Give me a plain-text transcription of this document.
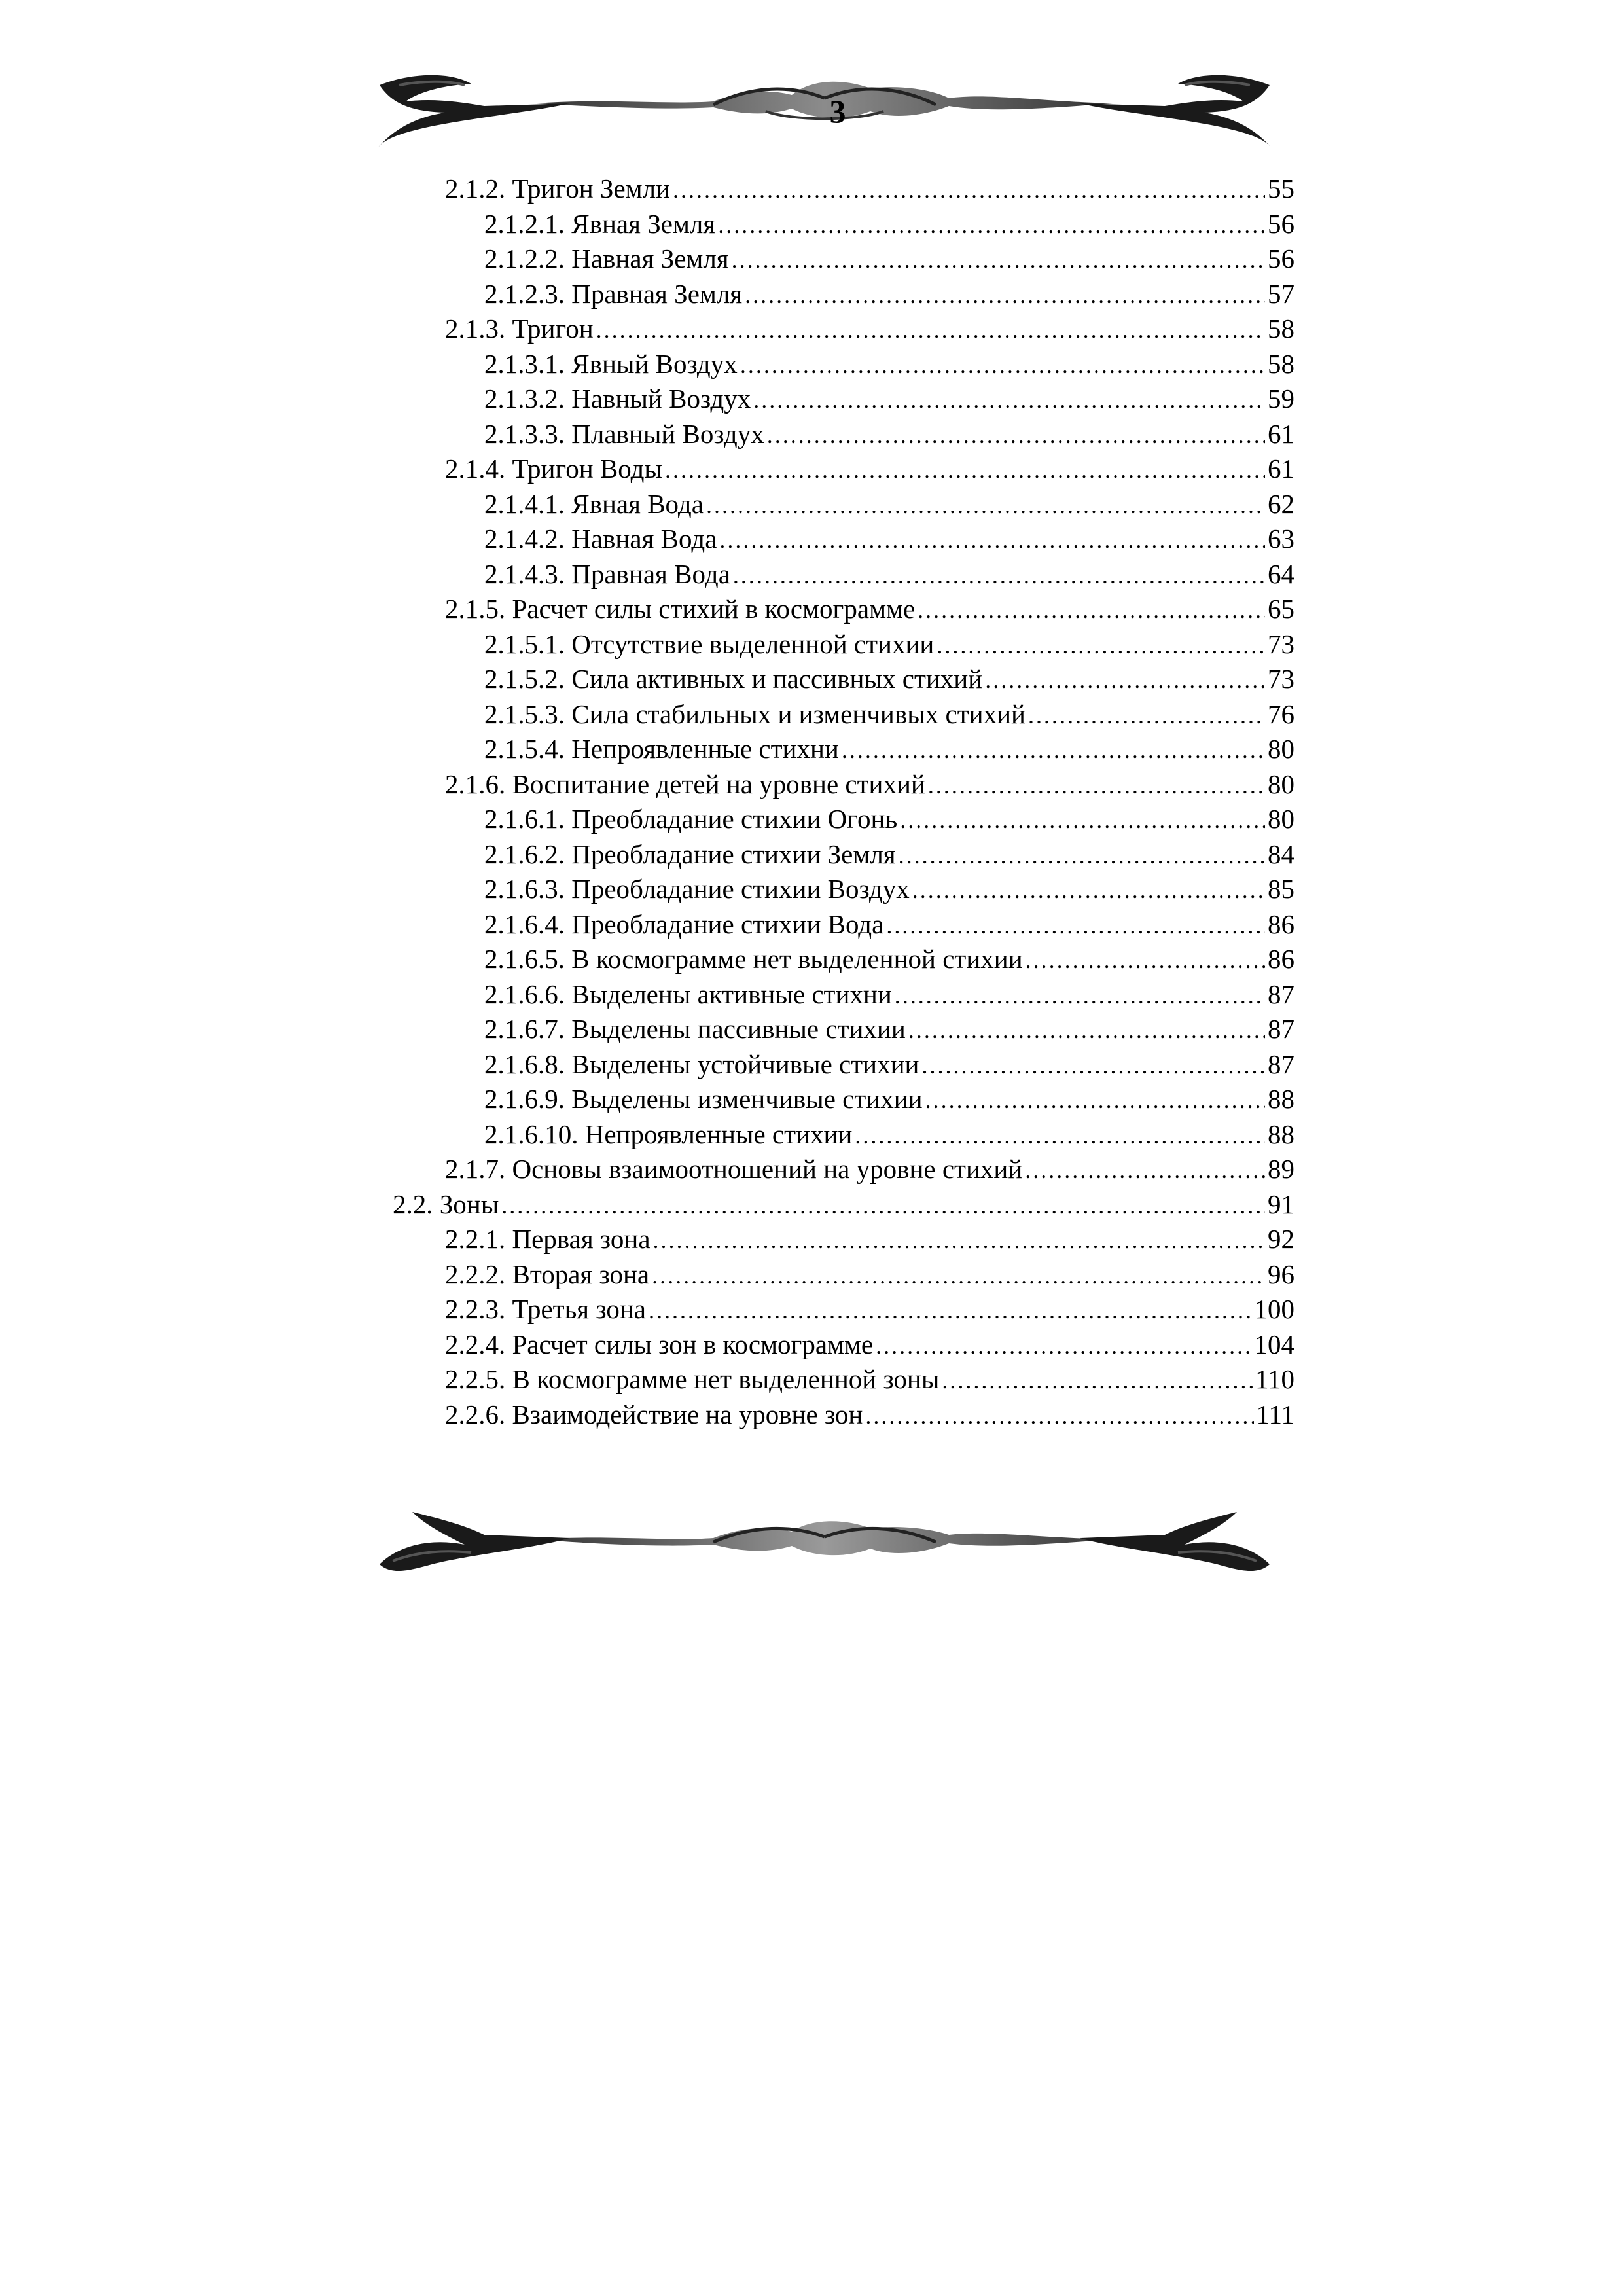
3
2.1.2. Тригон Земли .....	55
2.1.2.1. Явная Земля .....	56
2.1.2.2. Навная Земля .....	56
2.1.2.3. Правная Земля .....	57
2.1.3. Тригон .....	58
2.1.3.1. Явный Воздух .....	58
2.1.3.2. Навный Воздух .....	59
2.1.3.3. Плавный Воздух .....	61
2.1.4. Тригон Воды .....	61
2.1.4.1. Явная Вода .....	62
2.1.4.2. Навная Вода .....	63
2.1.4.3. Правная Вода .....	64
2.1.5. Расчет силы стихий в космограмме .....	65
2.1.5.1. Отсутствие выделенной стихии .....	73
2.1.5.2. Сила активных и пассивных стихий .....	73
2.1.5.3. Сила стабильных и изменчивых стихий .....	76
2.1.5.4. Непроявленные стихни .....	80
2.1.6. Воспитание детей на уровне стихий .....	80
2.1.6.1. Преобладание стихии Огонь .....	80
2.1.6.2. Преобладание стихии Земля .....	84
2.1.6.3. Преобладание стихии Воздух .....	85
2.1.6.4. Преобладание стихии Вода .....	86
2.1.6.5. В космограмме нет выделенной стихии .....	86
2.1.6.6. Выделены активные стихни .....	87
2.1.6.7. Выделены пассивные стихии .....	87
2.1.6.8. Выделены устойчивые стихии .....	87
2.1.6.9. Выделены изменчивые стихии .....	88
2.1.6.10. Непроявленные стихии .....	88
2.1.7. Основы взаимоотношений на уровне стихий .....	89
2.2. Зоны .....	91
2.2.1. Первая зона .....	92
2.2.2. Вторая зона .....	96
2.2.3. Третья зона .....	100
2.2.4. Расчет силы зон в космограмме .....	104
2.2.5. В космограмме нет выделенной зоны .....	110
2.2.6. Взаимодействие на уровне зон .....	111
